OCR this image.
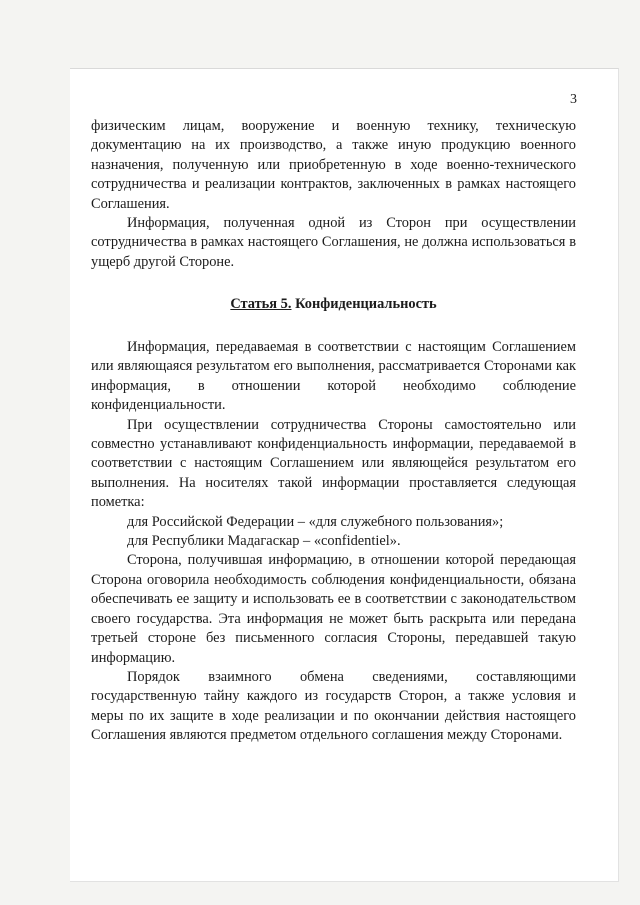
3

физическим лицам, вооружение и военную технику, техническую документацию на их производство, а также иную продукцию военного назначения, полученную или приобретенную в ходе военно-технического сотрудничества и реализации контрактов, заключенных в рамках настоящего Соглашения.

Информация, полученная одной из Сторон при осуществлении сотрудничества в рамках настоящего Соглашения, не должна использоваться в ущерб другой Стороне.

Статья 5. Конфиденциальность

Информация, передаваемая в соответствии с настоящим Соглашением или являющаяся результатом его выполнения, рассматривается Сторонами как информация, в отношении которой необходимо соблюдение конфиденциальности.

При осуществлении сотрудничества Стороны самостоятельно или совместно устанавливают конфиденциальность информации, передаваемой в соответствии с настоящим Соглашением или являющейся результатом его выполнения. На носителях такой информации проставляется следующая пометка:

для Российской Федерации – «для служебного пользования»;

для Республики Мадагаскар – «confidentiel».

Сторона, получившая информацию, в отношении которой передающая Сторона оговорила необходимость соблюдения конфиденциальности, обязана обеспечивать ее защиту и использовать ее в соответствии с законодательством своего государства. Эта информация не может быть раскрыта или передана третьей стороне без письменного согласия Стороны, передавшей такую информацию.

Порядок взаимного обмена сведениями, составляющими государственную тайну каждого из государств Сторон, а также условия и меры по их защите в ходе реализации и по окончании действия настоящего Соглашения являются предметом отдельного соглашения между Сторонами.
